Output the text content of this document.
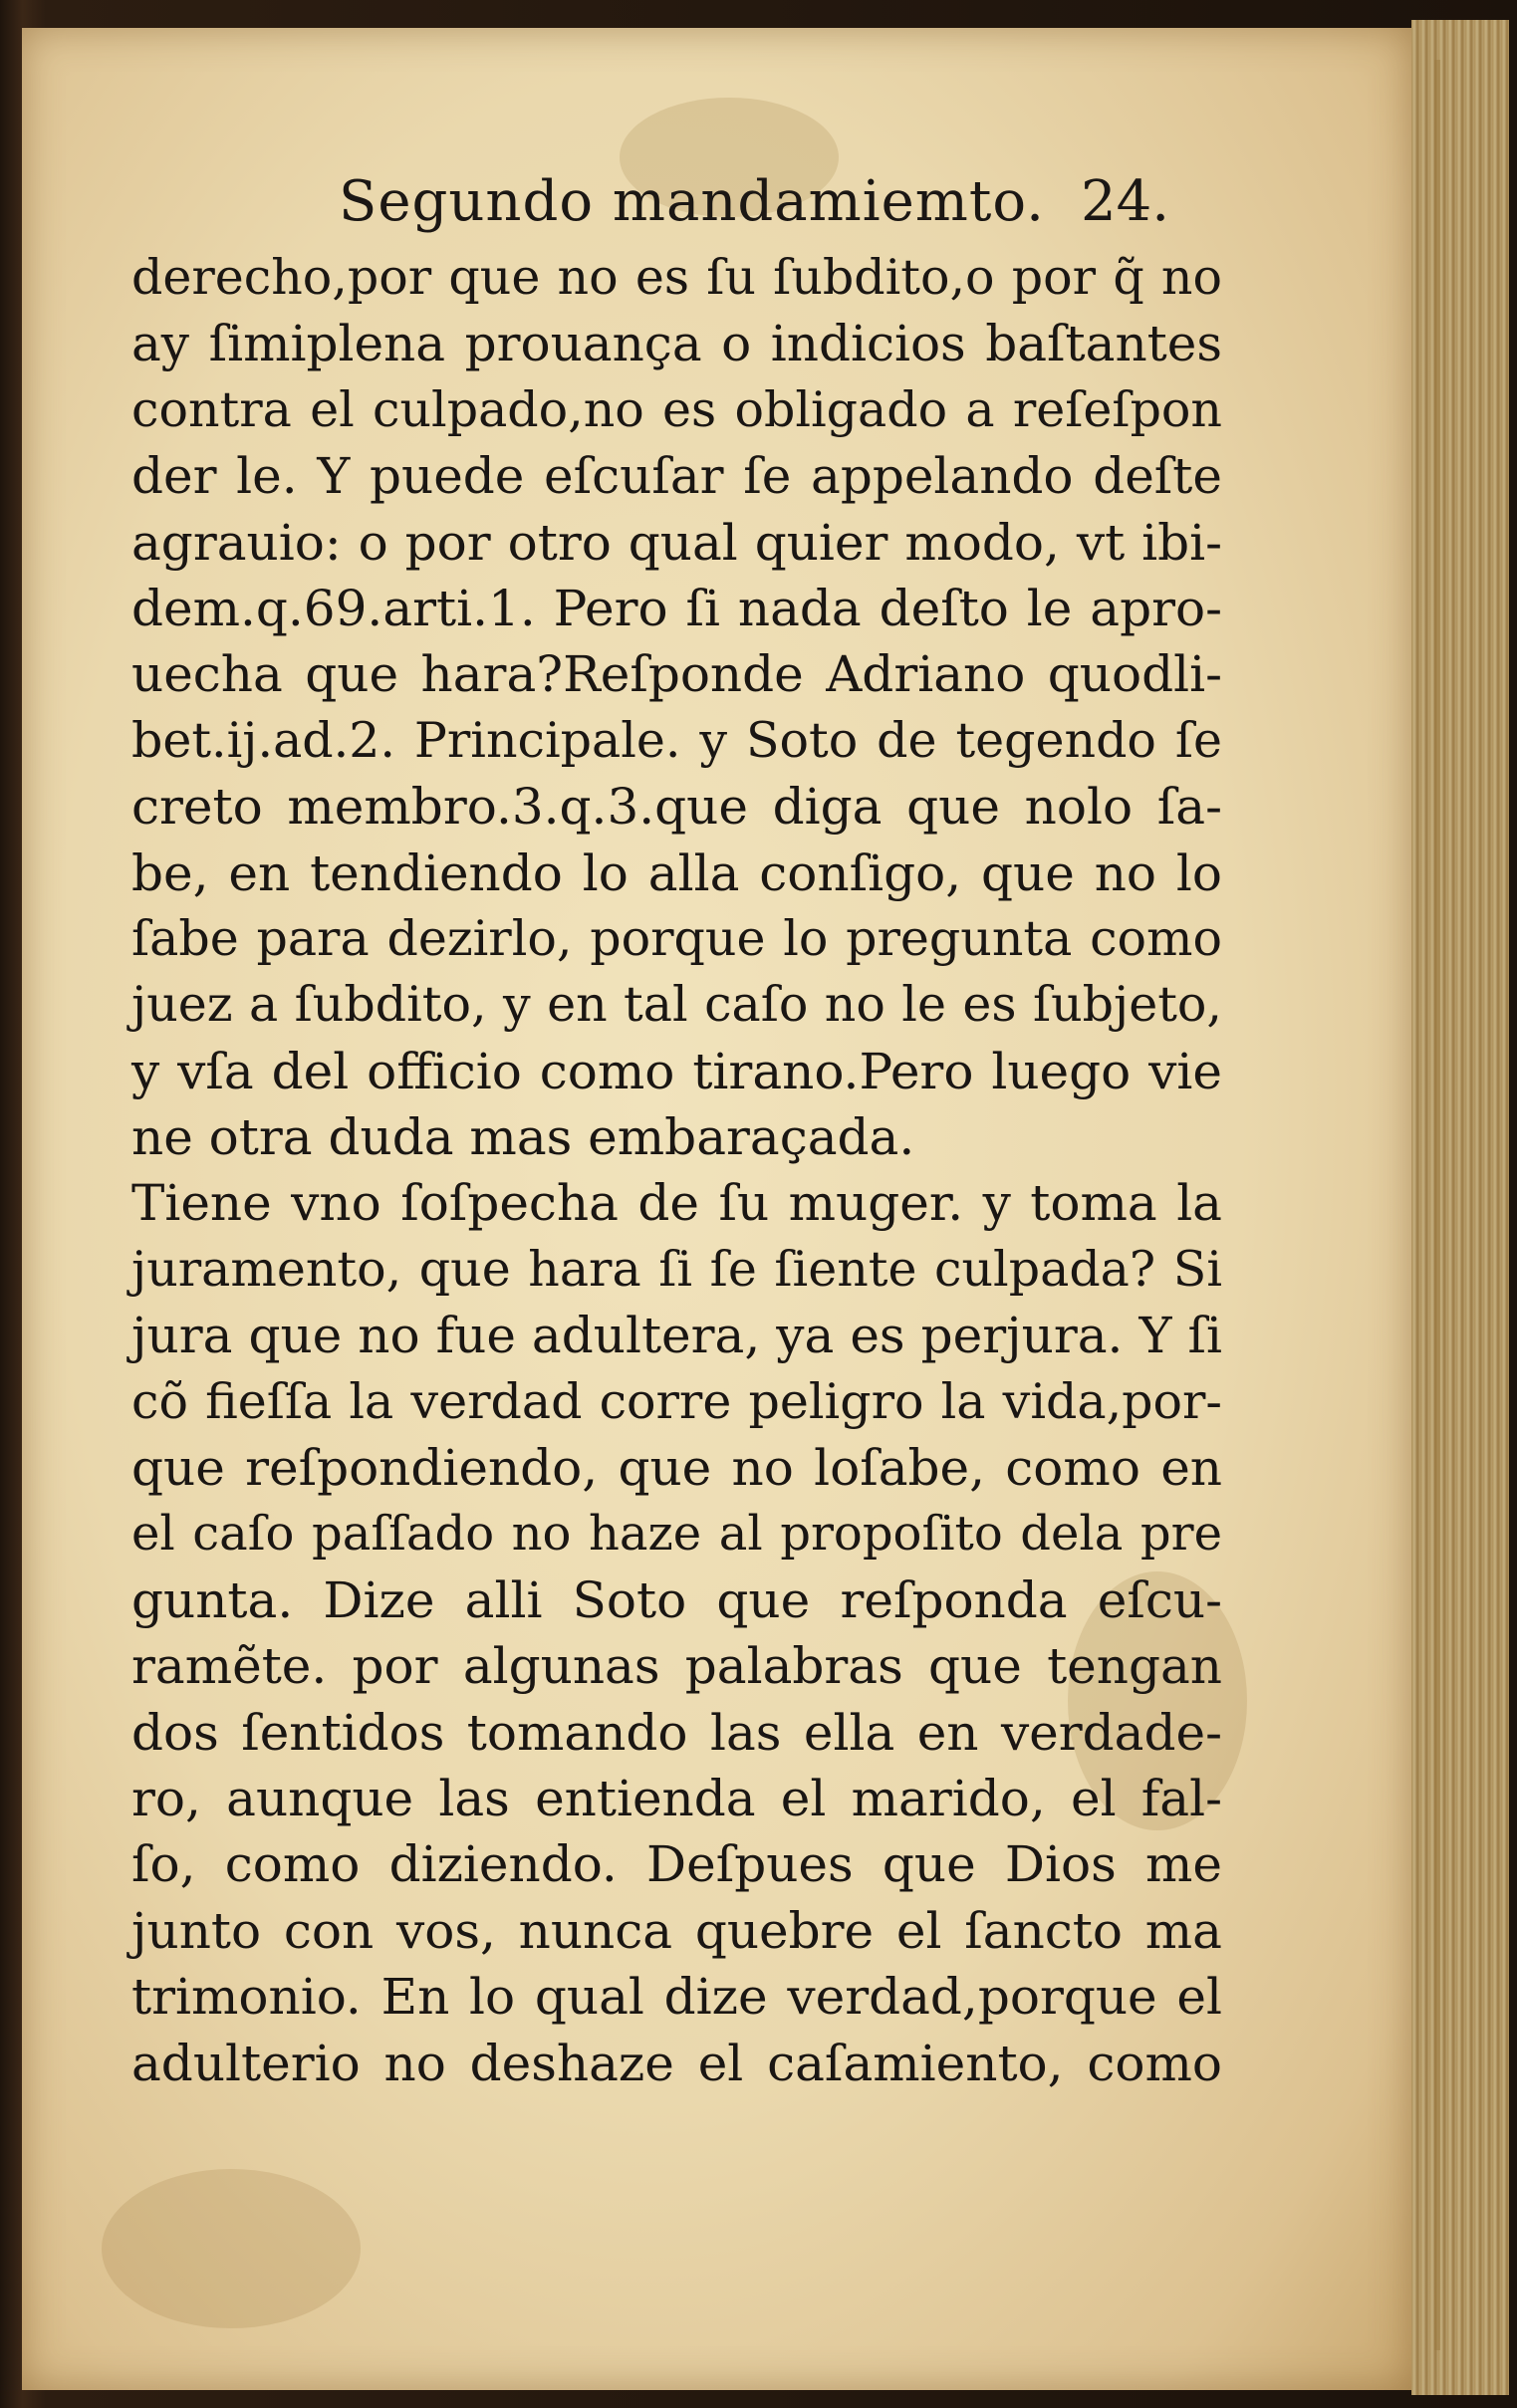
Segundo mandamiemto. 24.
derecho,por que no es ſu ſubdito,o por q̃ no
ay ſimiplena prouança o indicios baſtantes
contra el culpado,no es obligado a reſeſpon
der le. Y puede eſcuſar ſe appelando deſte
agrauio: o por otro qual quier modo, vt ibi-
dem.q.69.arti.1. Pero ſi nada deſto le apro-
uecha que hara?Reſponde Adriano quodli-
bet.ij.ad.2. Principale. y Soto de tegendo ſe
creto membro.3.q.3.que diga que nolo ſa-
be, en tendiendo lo alla conſigo, que no lo
ſabe para dezirlo, porque lo pregunta como
juez a ſubdito, y en tal caſo no le es ſubjeto,
y vſa del officio como tirano.Pero luego vie
ne otra duda mas embaraçada.
Tiene vno ſoſpecha de ſu muger. y toma la
juramento, que hara ſi ſe ſiente culpada? Si
jura que no fue adultera, ya es perjura. Y ſi
cõ fieſſa la verdad corre peligro la vida,por-
que reſpondiendo, que no loſabe, como en
el caſo paſſado no haze al propoſito dela pre
gunta. Dize alli Soto que reſponda eſcu-
ramẽte. por algunas palabras que tengan
dos ſentidos tomando las ella en verdade-
ro, aunque las entienda el marido, el fal-
ſo, como diziendo. Deſpues que Dios me
junto con vos, nunca quebre el ſancto ma
trimonio. En lo qual dize verdad,porque el
adulterio no deshaze el caſamiento, como
